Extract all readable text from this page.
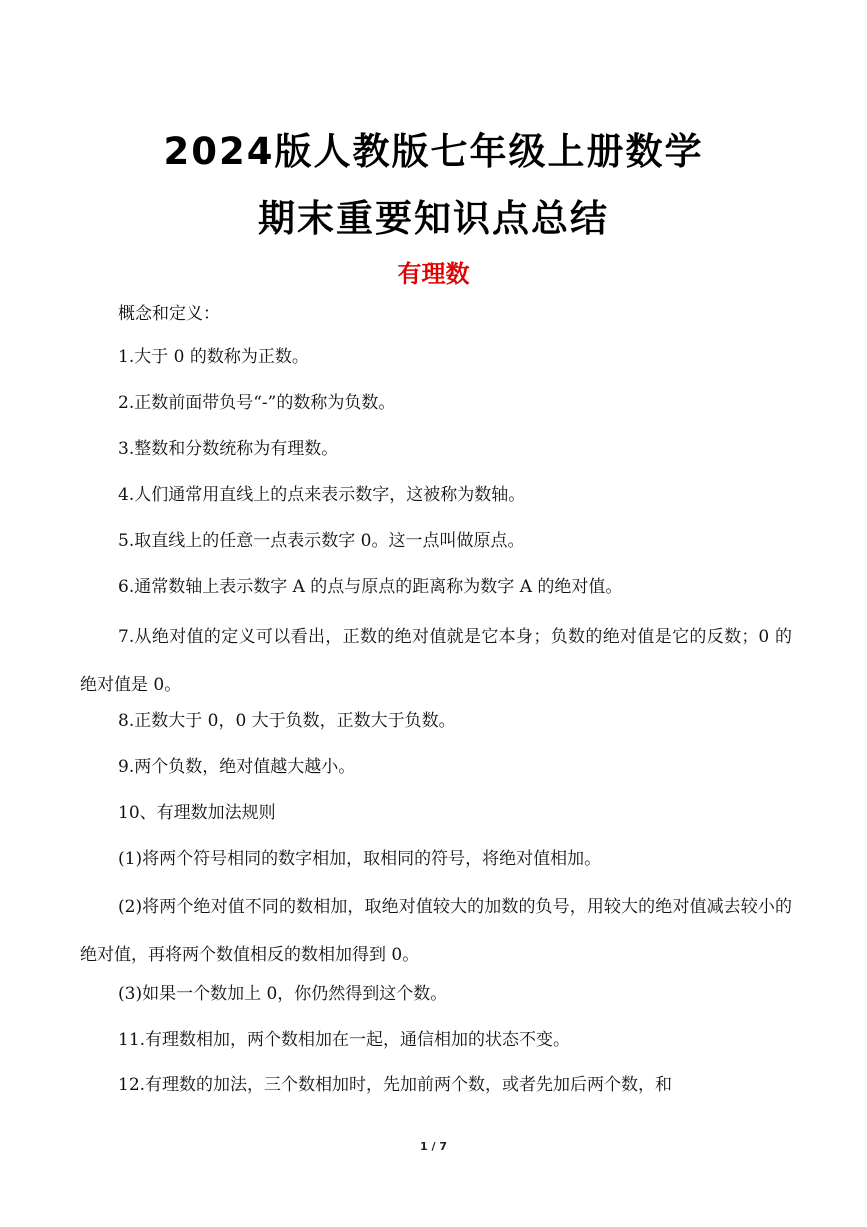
2024版人教版七年级上册数学
期末重要知识点总结
有理数

概念和定义：

1.大于 0 的数称为正数。

2.正数前面带负号“-”的数称为负数。

3.整数和分数统称为有理数。

4.人们通常用直线上的点来表示数字，这被称为数轴。

5.取直线上的任意一点表示数字 0。这一点叫做原点。

6.通常数轴上表示数字 A 的点与原点的距离称为数字 A 的绝对值。

7.从绝对值的定义可以看出，正数的绝对值就是它本身；负数的绝对值是它的反数；0 的绝对值是 0。

8.正数大于 0，0 大于负数，正数大于负数。

9.两个负数，绝对值越大越小。

10、有理数加法规则

(1)将两个符号相同的数字相加，取相同的符号，将绝对值相加。

(2)将两个绝对值不同的数相加，取绝对值较大的加数的负号，用较大的绝对值减去较小的绝对值，再将两个数值相反的数相加得到 0。

(3)如果一个数加上 0，你仍然得到这个数。

11.有理数相加，两个数相加在一起，通信相加的状态不变。

12.有理数的加法，三个数相加时，先加前两个数，或者先加后两个数，和

1 / 7
